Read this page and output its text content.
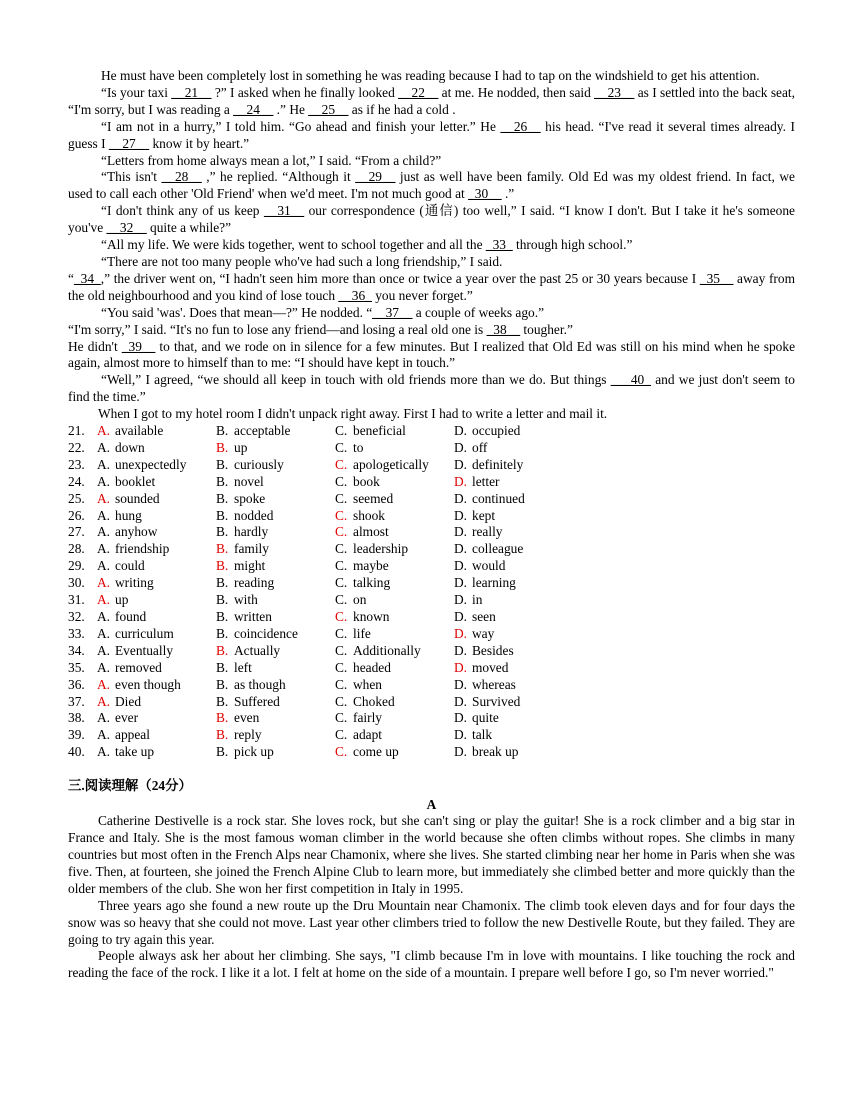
He must have been completely lost in something he was reading because I had to tap on the windshield to get his attention.

“Is your taxi __21__ ?” I asked when he finally looked __22__ at me. He nodded, then said __23__ as I settled into the back seat, “I'm sorry, but I was reading a __24__ .” He __25__ as if he had a cold .

“I am not in a hurry,” I told him. “Go ahead and finish your letter.” He __26__ his head. “I've read it several times already. I guess I __27__ know it by heart.”

“Letters from home always mean a lot,” I said. “From a child?”

“This isn't __28__ ,” he replied. “Although it __29__ just as well have been family. Old Ed was my oldest friend. In fact, we used to call each other 'Old Friend' when we'd meet. I'm not much good at _30__ .”

“I don't think any of us keep __31__ our correspondence (通信) too well,” I said. “I know I don't. But I take it he's someone you've __32__ quite a while?”

“All my life. We were kids together, went to school together and all the _33_ through high school.”

“There are not too many people who've had such a long friendship,” I said.

“_34_,” the driver went on, “I hadn't seen him more than once or twice a year over the past 25 or 30 years because I _35__ away from the old neighbourhood and you kind of lose touch __36_ you never forget.”

“You said 'was'. Does that mean—?” He nodded. “__37__ a couple of weeks ago.”

“I'm sorry,” I said. “It's no fun to lose any friend—and losing a real old one is _38__ tougher.”

He didn't _39__ to that, and we rode on in silence for a few minutes. But I realized that Old Ed was still on his mind when he spoke again, almost more to himself than to me: “I should have kept in touch.”

“Well,” I agreed, “we should all keep in touch with old friends more than we do. But things ___40_ and we just don't seem to find the time.”

When I got to my hotel room I didn't unpack right away. First I had to write a letter and mail it.

21.	A.	available	B.	acceptable	C.	beneficial	D.	occupied
22.	A.	down	B.	up	C.	to	D.	off
23.	A.	unexpectedly	B.	curiously	C.	apologetically	D.	definitely
24.	A.	booklet	B.	novel	C.	book	D.	letter
25.	A.	sounded	B.	spoke	C.	seemed	D.	continued
26.	A.	hung	B.	nodded	C.	shook	D.	kept
27.	A.	anyhow	B.	hardly	C.	almost	D.	really
28.	A.	friendship	B.	family	C.	leadership	D.	colleague
29.	A.	could	B.	might	C.	maybe	D.	would
30.	A.	writing	B.	reading	C.	talking	D.	learning
31.	A.	up	B.	with	C.	on	D.	in
32.	A.	found	B.	written	C.	known	D.	seen
33.	A.	curriculum	B.	coincidence	C.	life	D.	way
34.	A.	Eventually	B.	Actually	C.	Additionally	D.	Besides
35.	A.	removed	B.	left	C.	headed	D.	moved
36.	A.	even though	B.	as though	C.	when	D.	whereas
37.	A.	Died	B.	Suffered	C.	Choked	D.	Survived
38.	A.	ever	B.	even	C.	fairly	D.	quite
39.	A.	appeal	B.	reply	C.	adapt	D.	talk
40.	A.	take up	B.	pick up	C.	come up	D.	break up
三.阅读理解（24分）
A

Catherine Destivelle is a rock star. She loves rock, but she can't sing or play the guitar! She is a rock climber and a big star in France and Italy. She is the most famous woman climber in the world because she often climbs without ropes. She climbs in many countries but most often in the French Alps near Chamonix, where she lives. She started climbing near her home in Paris when she was five. Then, at fourteen, she joined the French Alpine Club to learn more, but immediately she climbed better and more quickly than the older members of the club. She won her first competition in Italy in 1995.

Three years ago she found a new route up the Dru Mountain near Chamonix. The climb took eleven days and for four days the snow was so heavy that she could not move. Last year other climbers tried to follow the new Destivelle Route, but they failed. They are going to try again this year.

People always ask her about her climbing. She says, "I climb because I'm in love with mountains. I like touching the rock and reading the face of the rock. I like it a lot. I felt at home on the side of a mountain. I prepare well before I go, so I'm never worried."
